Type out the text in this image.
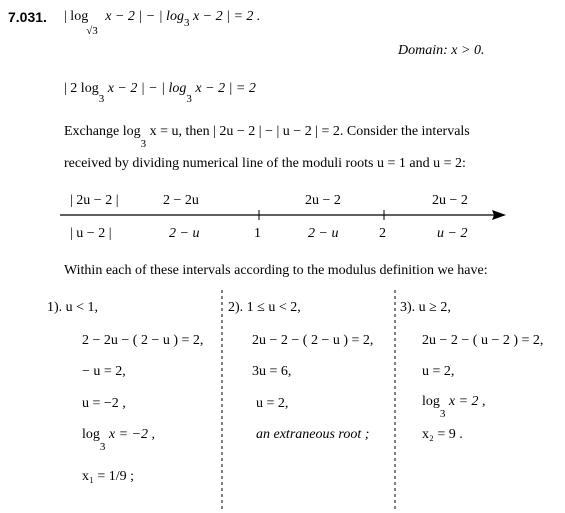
7.031. | $\log_{√3} x - 2$ | − | $\log_3 x - 2$ | = 2 .
Domain: x > 0.
| 2 $\log_3 x - 2$ | − | $\log_3 x - 2$ | = 2
Exchange $\log_3 x = u$, then | 2u − 2 | − | u − 2 | = 2. Consider the intervals
received by dividing numerical line of the moduli roots u = 1 and u = 2:
| 2u − 2 |	2 − 2u	2u − 2	2u − 2
| u − 2 |	2 − u	1	2 − u	2	u − 2
Within each of these intervals according to the modulus definition we have:
1). u < 1,
2 − 2u − ( 2 − u ) = 2,
− u = 2,
u = −2 ,
$\log_3 x = -2$ ,
x₁ = 1/9 ;
2). 1 ≤ u < 2,
2u − 2 − ( 2 − u ) = 2,
3u = 6,
u = 2,
an extraneous root ;
3). u ≥ 2,
2u − 2 − ( u − 2 ) = 2,
u = 2,
$\log_3 x = 2$ ,
x₂ = 9 .
